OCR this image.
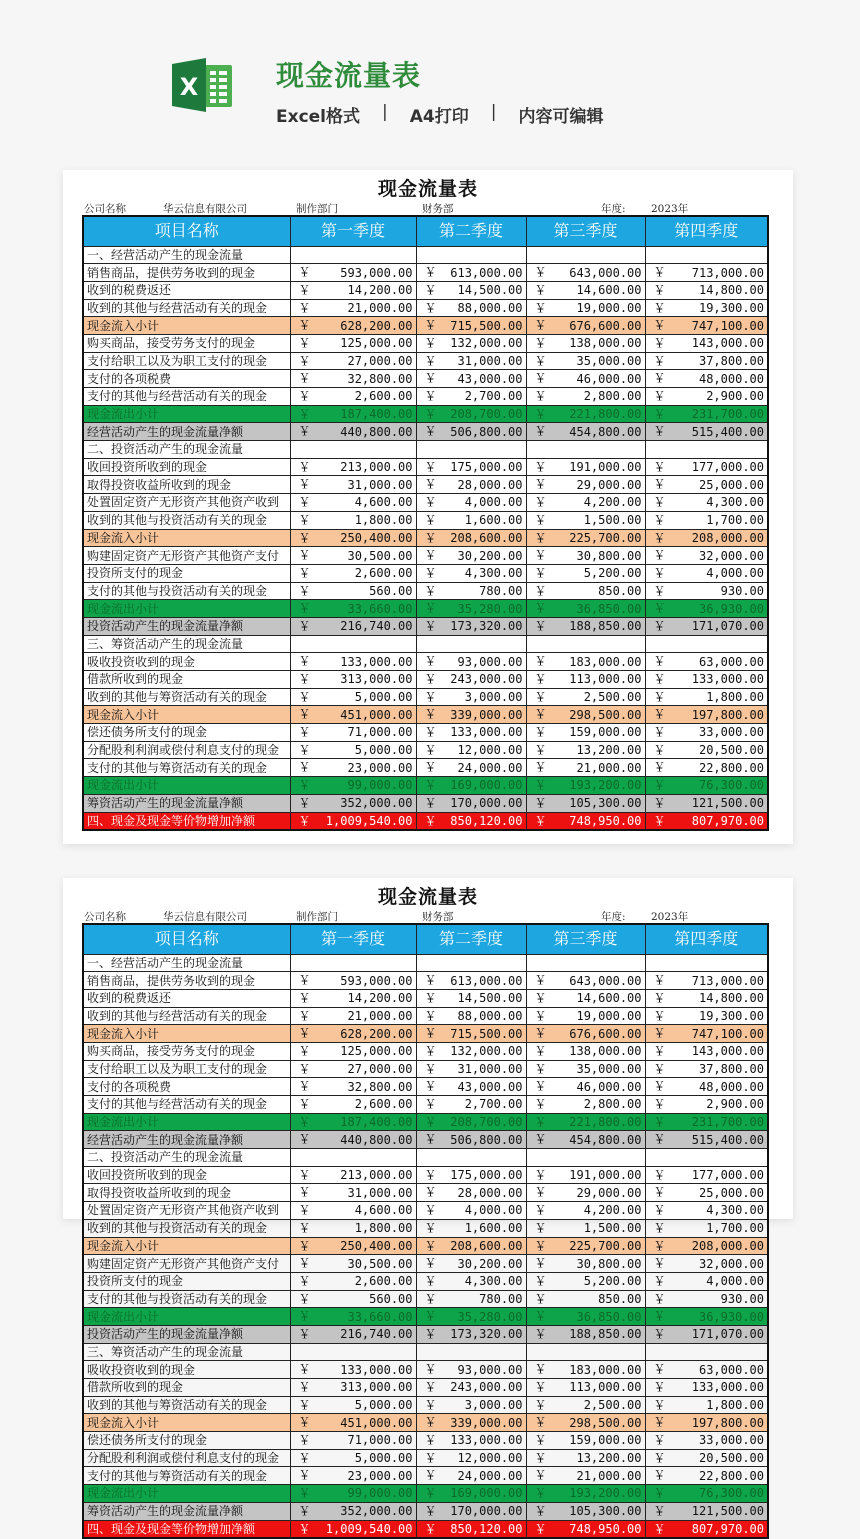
X	现金流量表
Excel格式 | A4打印 | 内容可编辑
现金流量表
公司名称	华云信息有限公司	制作部门	财务部	年度: 2023年
项目名称	第一季度	第二季度	第三季度	第四季度
一、经营活动产生的现金流量				
销售商品，提供劳务收到的现金	￥ 593,000.00	￥ 613,000.00	￥ 643,000.00	￥ 713,000.00
收到的税费返还	￥ 14,200.00	￥ 14,500.00	￥ 14,600.00	￥ 14,800.00
收到的其他与经营活动有关的现金	￥ 21,000.00	￥ 88,000.00	￥ 19,000.00	￥ 19,300.00
现金流入小计	￥ 628,200.00	￥ 715,500.00	￥ 676,600.00	￥ 747,100.00
购买商品，接受劳务支付的现金	￥ 125,000.00	￥ 132,000.00	￥ 138,000.00	￥ 143,000.00
支付给职工以及为职工支付的现金	￥ 27,000.00	￥ 31,000.00	￥ 35,000.00	￥ 37,800.00
支付的各项税费	￥ 32,800.00	￥ 43,000.00	￥ 46,000.00	￥ 48,000.00
支付的其他与经营活动有关的现金	￥ 2,600.00	￥ 2,700.00	￥ 2,800.00	￥ 2,900.00
现金流出小计	￥ 187,400.00	￥ 208,700.00	￥ 221,800.00	￥ 231,700.00
经营活动产生的现金流量净额	￥ 440,800.00	￥ 506,800.00	￥ 454,800.00	￥ 515,400.00
二、投资活动产生的现金流量				
收回投资所收到的现金	￥ 213,000.00	￥ 175,000.00	￥ 191,000.00	￥ 177,000.00
取得投资收益所收到的现金	￥ 31,000.00	￥ 28,000.00	￥ 29,000.00	￥ 25,000.00
处置固定资产无形资产其他资产收到	￥ 4,600.00	￥ 4,000.00	￥ 4,200.00	￥ 4,300.00
收到的其他与投资活动有关的现金	￥ 1,800.00	￥ 1,600.00	￥ 1,500.00	￥ 1,700.00
现金流入小计	￥ 250,400.00	￥ 208,600.00	￥ 225,700.00	￥ 208,000.00
购建固定资产无形资产其他资产支付	￥ 30,500.00	￥ 30,200.00	￥ 30,800.00	￥ 32,000.00
投资所支付的现金	￥ 2,600.00	￥ 4,300.00	￥ 5,200.00	￥ 4,000.00
支付的其他与投资活动有关的现金	￥ 560.00	￥ 780.00	￥ 850.00	￥ 930.00
现金流出小计	￥ 33,660.00	￥ 35,280.00	￥ 36,850.00	￥ 36,930.00
投资活动产生的现金流量净额	￥ 216,740.00	￥ 173,320.00	￥ 188,850.00	￥ 171,070.00
三、筹资活动产生的现金流量				
吸收投资收到的现金	￥ 133,000.00	￥ 93,000.00	￥ 183,000.00	￥ 63,000.00
借款所收到的现金	￥ 313,000.00	￥ 243,000.00	￥ 113,000.00	￥ 133,000.00
收到的其他与筹资活动有关的现金	￥ 5,000.00	￥ 3,000.00	￥ 2,500.00	￥ 1,800.00
现金流入小计	￥ 451,000.00	￥ 339,000.00	￥ 298,500.00	￥ 197,800.00
偿还债务所支付的现金	￥ 71,000.00	￥ 133,000.00	￥ 159,000.00	￥ 33,000.00
分配股利利润或偿付利息支付的现金	￥ 5,000.00	￥ 12,000.00	￥ 13,200.00	￥ 20,500.00
支付的其他与筹资活动有关的现金	￥ 23,000.00	￥ 24,000.00	￥ 21,000.00	￥ 22,800.00
现金流出小计	￥ 99,000.00	￥ 169,000.00	￥ 193,200.00	￥ 76,300.00
筹资活动产生的现金流量净额	￥ 352,000.00	￥ 170,000.00	￥ 105,300.00	￥ 121,500.00
四、现金及现金等价物增加净额	￥ 1,009,540.00	￥ 850,120.00	￥ 748,950.00	￥ 807,970.00
现金流量表
公司名称	华云信息有限公司	制作部门	财务部	年度: 2023年
项目名称	第一季度	第二季度	第三季度	第四季度
一、经营活动产生的现金流量				
销售商品，提供劳务收到的现金	￥ 593,000.00	￥ 613,000.00	￥ 643,000.00	￥ 713,000.00
收到的税费返还	￥ 14,200.00	￥ 14,500.00	￥ 14,600.00	￥ 14,800.00
收到的其他与经营活动有关的现金	￥ 21,000.00	￥ 88,000.00	￥ 19,000.00	￥ 19,300.00
现金流入小计	￥ 628,200.00	￥ 715,500.00	￥ 676,600.00	￥ 747,100.00
购买商品，接受劳务支付的现金	￥ 125,000.00	￥ 132,000.00	￥ 138,000.00	￥ 143,000.00
支付给职工以及为职工支付的现金	￥ 27,000.00	￥ 31,000.00	￥ 35,000.00	￥ 37,800.00
支付的各项税费	￥ 32,800.00	￥ 43,000.00	￥ 46,000.00	￥ 48,000.00
支付的其他与经营活动有关的现金	￥ 2,600.00	￥ 2,700.00	￥ 2,800.00	￥ 2,900.00
现金流出小计	￥ 187,400.00	￥ 208,700.00	￥ 221,800.00	￥ 231,700.00
经营活动产生的现金流量净额	￥ 440,800.00	￥ 506,800.00	￥ 454,800.00	￥ 515,400.00
二、投资活动产生的现金流量				
收回投资所收到的现金	￥ 213,000.00	￥ 175,000.00	￥ 191,000.00	￥ 177,000.00
取得投资收益所收到的现金	￥ 31,000.00	￥ 28,000.00	￥ 29,000.00	￥ 25,000.00
处置固定资产无形资产其他资产收到	￥ 4,600.00	￥ 4,000.00	￥ 4,200.00	￥ 4,300.00
收到的其他与投资活动有关的现金	￥ 1,800.00	￥ 1,600.00	￥ 1,500.00	￥ 1,700.00
现金流入小计	￥ 250,400.00	￥ 208,600.00	￥ 225,700.00	￥ 208,000.00
购建固定资产无形资产其他资产支付	￥ 30,500.00	￥ 30,200.00	￥ 30,800.00	￥ 32,000.00
投资所支付的现金	￥ 2,600.00	￥ 4,300.00	￥ 5,200.00	￥ 4,000.00
支付的其他与投资活动有关的现金	￥ 560.00	￥ 780.00	￥ 850.00	￥ 930.00
现金流出小计	￥ 33,660.00	￥ 35,280.00	￥ 36,850.00	￥ 36,930.00
投资活动产生的现金流量净额	￥ 216,740.00	￥ 173,320.00	￥ 188,850.00	￥ 171,070.00
三、筹资活动产生的现金流量				
吸收投资收到的现金	￥ 133,000.00	￥ 93,000.00	￥ 183,000.00	￥ 63,000.00
借款所收到的现金	￥ 313,000.00	￥ 243,000.00	￥ 113,000.00	￥ 133,000.00
收到的其他与筹资活动有关的现金	￥ 5,000.00	￥ 3,000.00	￥ 2,500.00	￥ 1,800.00
现金流入小计	￥ 451,000.00	￥ 339,000.00	￥ 298,500.00	￥ 197,800.00
偿还债务所支付的现金	￥ 71,000.00	￥ 133,000.00	￥ 159,000.00	￥ 33,000.00
分配股利利润或偿付利息支付的现金	￥ 5,000.00	￥ 12,000.00	￥ 13,200.00	￥ 20,500.00
支付的其他与筹资活动有关的现金	￥ 23,000.00	￥ 24,000.00	￥ 21,000.00	￥ 22,800.00
现金流出小计	￥ 99,000.00	￥ 169,000.00	￥ 193,200.00	￥ 76,300.00
筹资活动产生的现金流量净额	￥ 352,000.00	￥ 170,000.00	￥ 105,300.00	￥ 121,500.00
四、现金及现金等价物增加净额	￥ 1,009,540.00	￥ 850,120.00	￥ 748,950.00	￥ 807,970.00
